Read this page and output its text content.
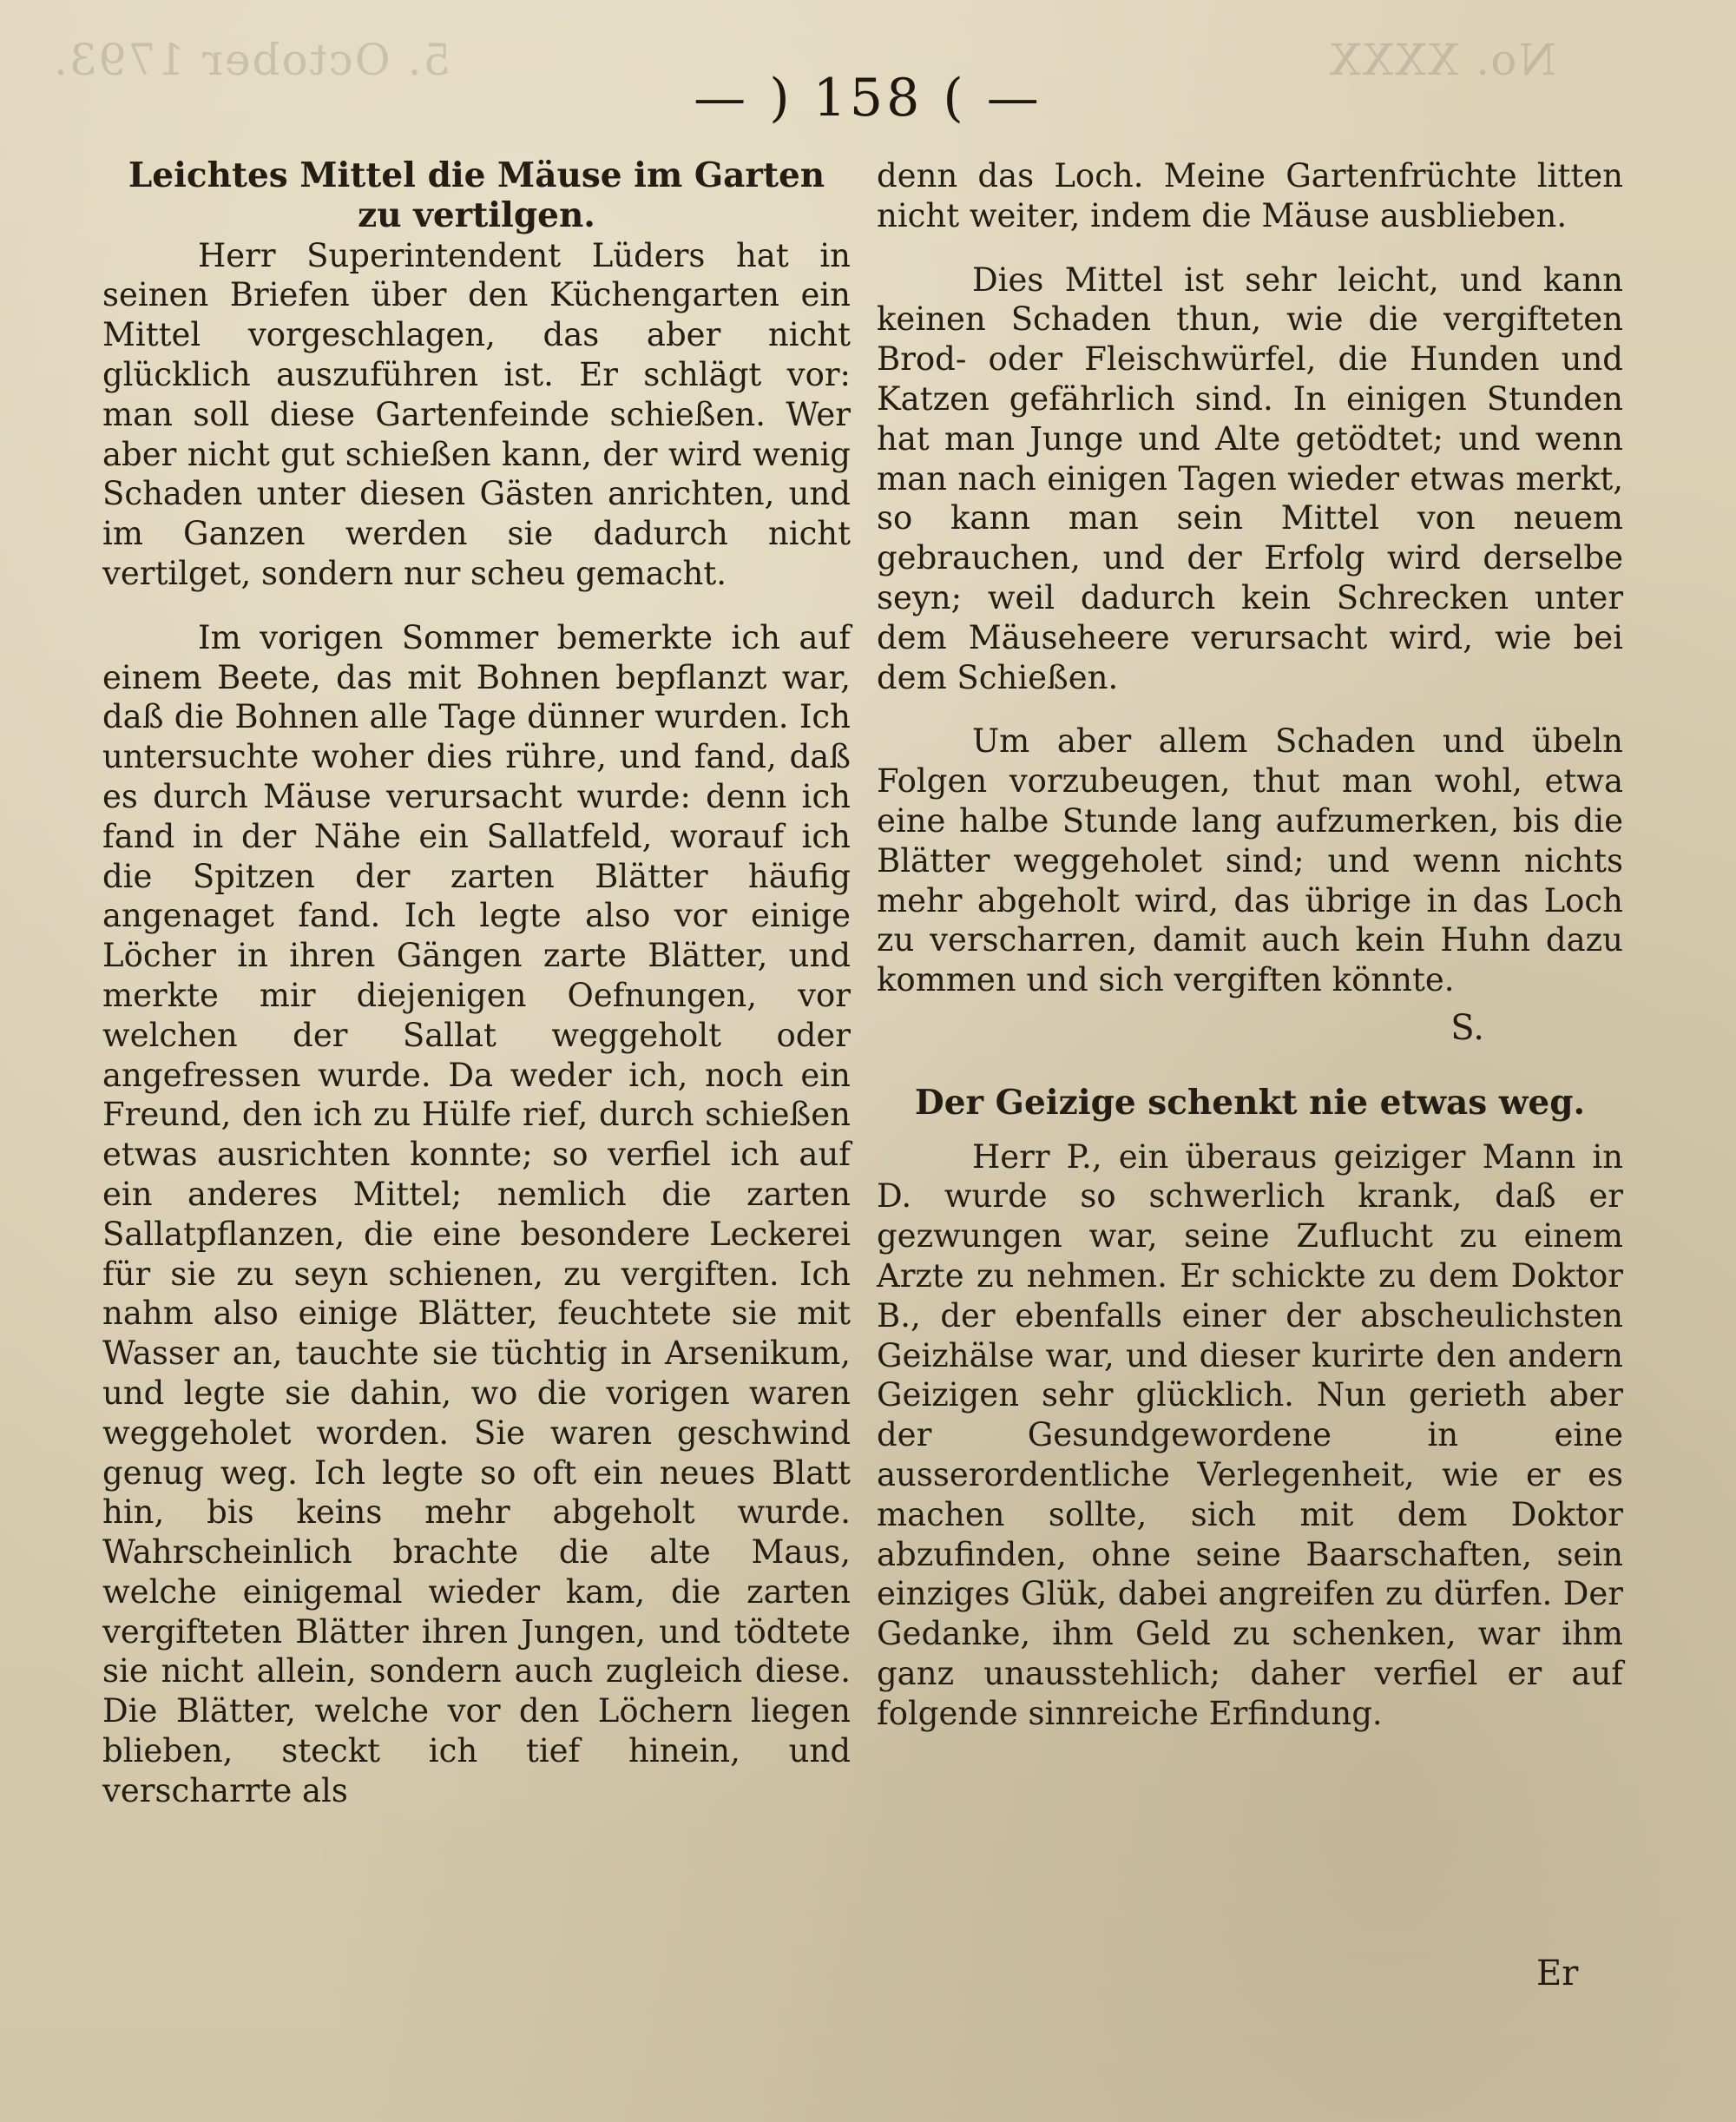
5. October 1793.	No. XXXX
— ) 158 ( —
Leichtes Mittel die Mäuse im Garten
zu vertilgen.

Herr Superintendent Lüders hat in seinen Briefen über den Küchengarten ein Mittel vorgeschlagen, das aber nicht glücklich auszuführen ist. Er schlägt vor: man soll diese Gartenfeinde schießen. Wer aber nicht gut schießen kann, der wird wenig Schaden unter diesen Gästen anrichten, und im Ganzen werden sie dadurch nicht vertilget, sondern nur scheu gemacht.

Im vorigen Sommer bemerkte ich auf einem Beete, das mit Bohnen bepflanzt war, daß die Bohnen alle Tage dünner wurden. Ich untersuchte woher dies rühre, und fand, daß es durch Mäuse verursacht wurde: denn ich fand in der Nähe ein Sallatfeld, worauf ich die Spitzen der zarten Blätter häufig angenaget fand. Ich legte also vor einige Löcher in ihren Gängen zarte Blätter, und merkte mir diejenigen Oefnungen, vor welchen der Sallat weggeholt oder angefressen wurde. Da weder ich, noch ein Freund, den ich zu Hülfe rief, durch schießen etwas ausrichten konnte; so verfiel ich auf ein anderes Mittel; nemlich die zarten Sallatpflanzen, die eine besondere Leckerei für sie zu seyn schienen, zu vergiften. Ich nahm also einige Blätter, feuchtete sie mit Wasser an, tauchte sie tüchtig in Arsenikum, und legte sie dahin, wo die vorigen waren weggeholet worden. Sie waren geschwind genug weg. Ich legte so oft ein neues Blatt hin, bis keins mehr abgeholt wurde. Wahrscheinlich brachte die alte Maus, welche einigemal wieder kam, die zarten vergifteten Blätter ihren Jungen, und tödtete sie nicht allein, sondern auch zugleich diese. Die Blätter, welche vor den Löchern liegen blieben, steckt ich tief hinein, und verscharrte als

denn das Loch. Meine Gartenfrüchte litten nicht weiter, indem die Mäuse ausblieben.

Dies Mittel ist sehr leicht, und kann keinen Schaden thun, wie die vergifteten Brod- oder Fleischwürfel, die Hunden und Katzen gefährlich sind. In einigen Stunden hat man Junge und Alte getödtet; und wenn man nach einigen Tagen wieder etwas merkt, so kann man sein Mittel von neuem gebrauchen, und der Erfolg wird derselbe seyn; weil dadurch kein Schrecken unter dem Mäuseheere verursacht wird, wie bei dem Schießen.

Um aber allem Schaden und übeln Folgen vorzubeugen, thut man wohl, etwa eine halbe Stunde lang aufzumerken, bis die Blätter weggeholet sind; und wenn nichts mehr abgeholt wird, das übrige in das Loch zu verscharren, damit auch kein Huhn dazu kommen und sich vergiften könnte.

S.

Der Geizige schenkt nie etwas weg.

Herr P., ein überaus geiziger Mann in D. wurde so schwerlich krank, daß er gezwungen war, seine Zuflucht zu einem Arzte zu nehmen. Er schickte zu dem Doktor B., der ebenfalls einer der abscheulichsten Geizhälse war, und dieser kurirte den andern Geizigen sehr glücklich. Nun gerieth aber der Gesundgewordene in eine ausserordentliche Verlegenheit, wie er es machen sollte, sich mit dem Doktor abzufinden, ohne seine Baarschaften, sein einziges Glük, dabei angreifen zu dürfen. Der Gedanke, ihm Geld zu schenken, war ihm ganz unausstehlich; daher verfiel er auf folgende sinnreiche Erfindung.

Er
